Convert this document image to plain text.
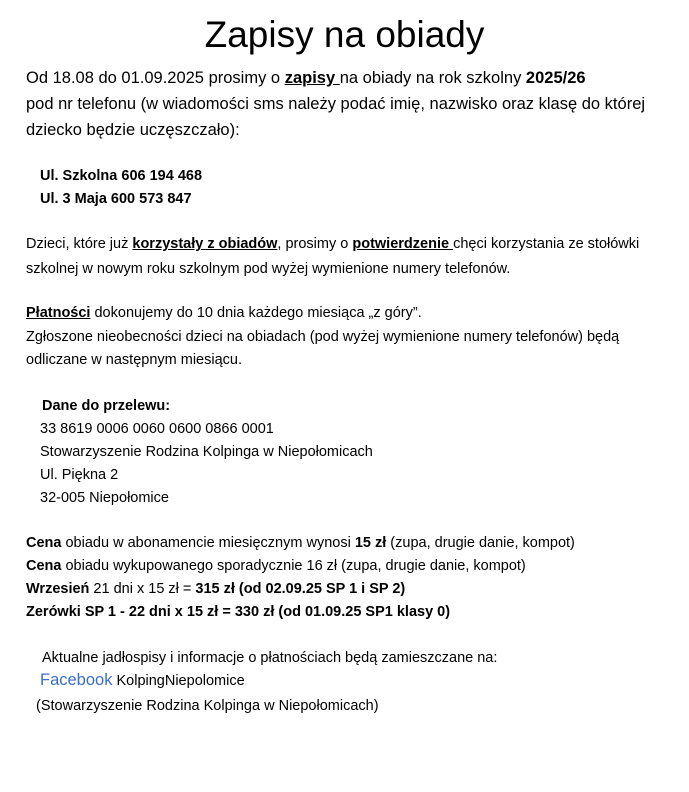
Zapisy na obiady
Od 18.08 do 01.09.2025 prosimy o zapisy na obiady na rok szkolny 2025/26
pod nr telefonu (w wiadomości sms należy podać imię, nazwisko oraz klasę do której
dziecko będzie uczęszczało):
Ul. Szkolna 606 194 468
Ul. 3 Maja 600 573 847
Dzieci, które już korzystały z obiadów, prosimy o potwierdzenie chęci korzystania ze stołówki
szkolnej w nowym roku szkolnym pod wyżej wymienione numery telefonów.
Płatności dokonujemy do 10 dnia każdego miesiąca „z góry”.
Zgłoszone nieobecności dzieci na obiadach (pod wyżej wymienione numery telefonów) będą
odliczane w następnym miesiącu.
Dane do przelewu:
33 8619 0006 0060 0600 0866 0001
Stowarzyszenie Rodzina Kolpinga w Niepołomicach
Ul. Piękna 2
32-005 Niepołomice
Cena obiadu w abonamencie miesięcznym wynosi 15 zł (zupa, drugie danie, kompot)
Cena obiadu wykupowanego sporadycznie 16 zł (zupa, drugie danie, kompot)
Wrzesień 21 dni x 15 zł = 315 zł (od 02.09.25 SP 1 i SP 2)
Zerówki SP 1 - 22 dni x 15 zł = 330 zł (od 01.09.25 SP1 klasy 0)
Aktualne jadłospisy i informacje o płatnościach będą zamieszczane na:
Facebook KolpingNiepolomice
(Stowarzyszenie Rodzina Kolpinga w Niepołomicach)
